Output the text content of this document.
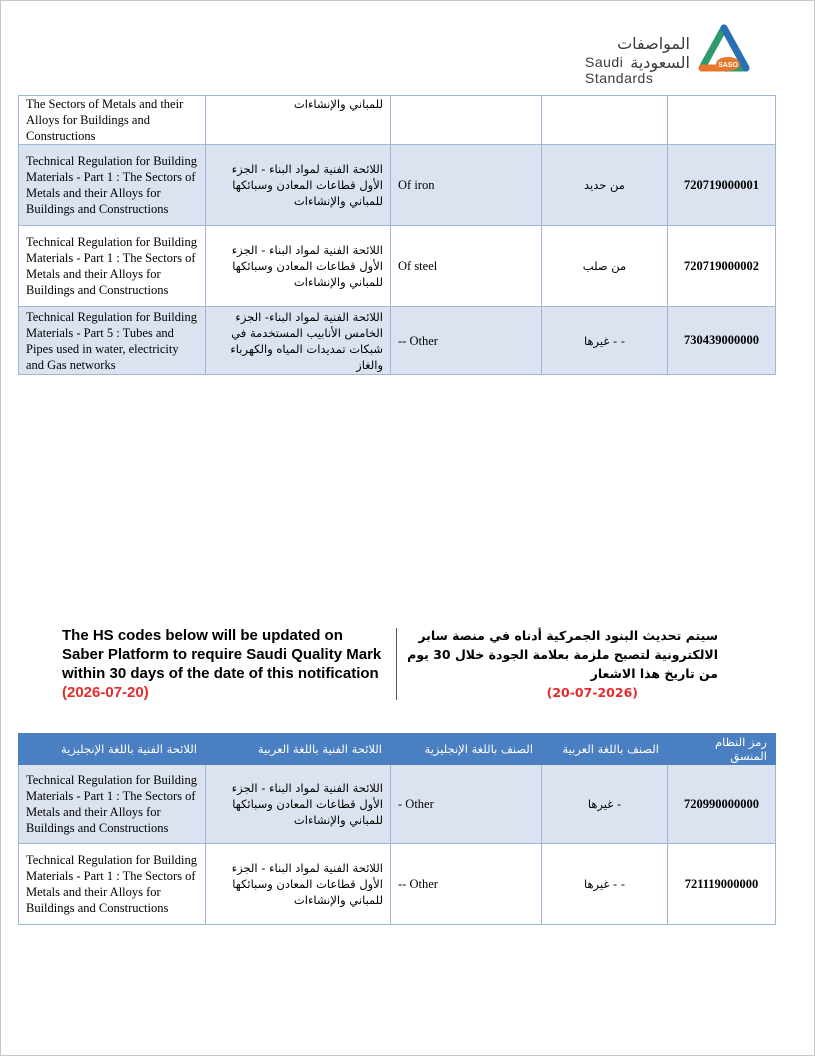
المواصفات السعودية
Saudi Standards
SASO
The Sectors of Metals and their Alloys for Buildings and Constructions	للمباني والإنشاءات			
Technical Regulation for Building Materials - Part 1 : The Sectors of Metals and their Alloys for Buildings and Constructions	اللائحة الفنية لمواد البناء - الجزء الأول قطاعات المعادن وسبائكها للمباني والإنشاءات	Of iron	من حديد	720719000001
Technical Regulation for Building Materials - Part 1 : The Sectors of Metals and their Alloys for Buildings and Constructions	اللائحة الفنية لمواد البناء - الجزء الأول قطاعات المعادن وسبائكها للمباني والإنشاءات	Of steel	من صلب	720719000002
Technical Regulation for Building Materials - Part 5 : Tubes and Pipes used in water, electricity and Gas networks	اللائحة الفنية لمواد البناء- الجزء الخامس الأنابيب المستخدمة في شبكات تمديدات المياه والكهرباء والغاز	-- Other	- - غيرها	730439000000
The HS codes below will be updated on Saber Platform to require Saudi Quality Mark within 30 days of the date of this notification (2026-07-20)
سيتم تحديث البنود الجمركية أدناه في منصة سابر الالكترونية لتصبح ملزمة بعلامة الجودة خلال 30 يوم من تاريخ هذا الاشعار
(20-07-2026)
اللائحة الفنية باللغة الإنجليزية	اللائحة الفنية باللغة العربية	الصنف باللغة الإنجليزية	الصنف باللغة العربية	رمز النظام المنسق
Technical Regulation for Building Materials - Part 1 : The Sectors of Metals and their Alloys for Buildings and Constructions	اللائحة الفنية لمواد البناء - الجزء الأول قطاعات المعادن وسبائكها للمباني والإنشاءات	- Other	- غيرها	720990000000
Technical Regulation for Building Materials - Part 1 : The Sectors of Metals and their Alloys for Buildings and Constructions	اللائحة الفنية لمواد البناء - الجزء الأول قطاعات المعادن وسبائكها للمباني والإنشاءات	-- Other	- - غيرها	721119000000
